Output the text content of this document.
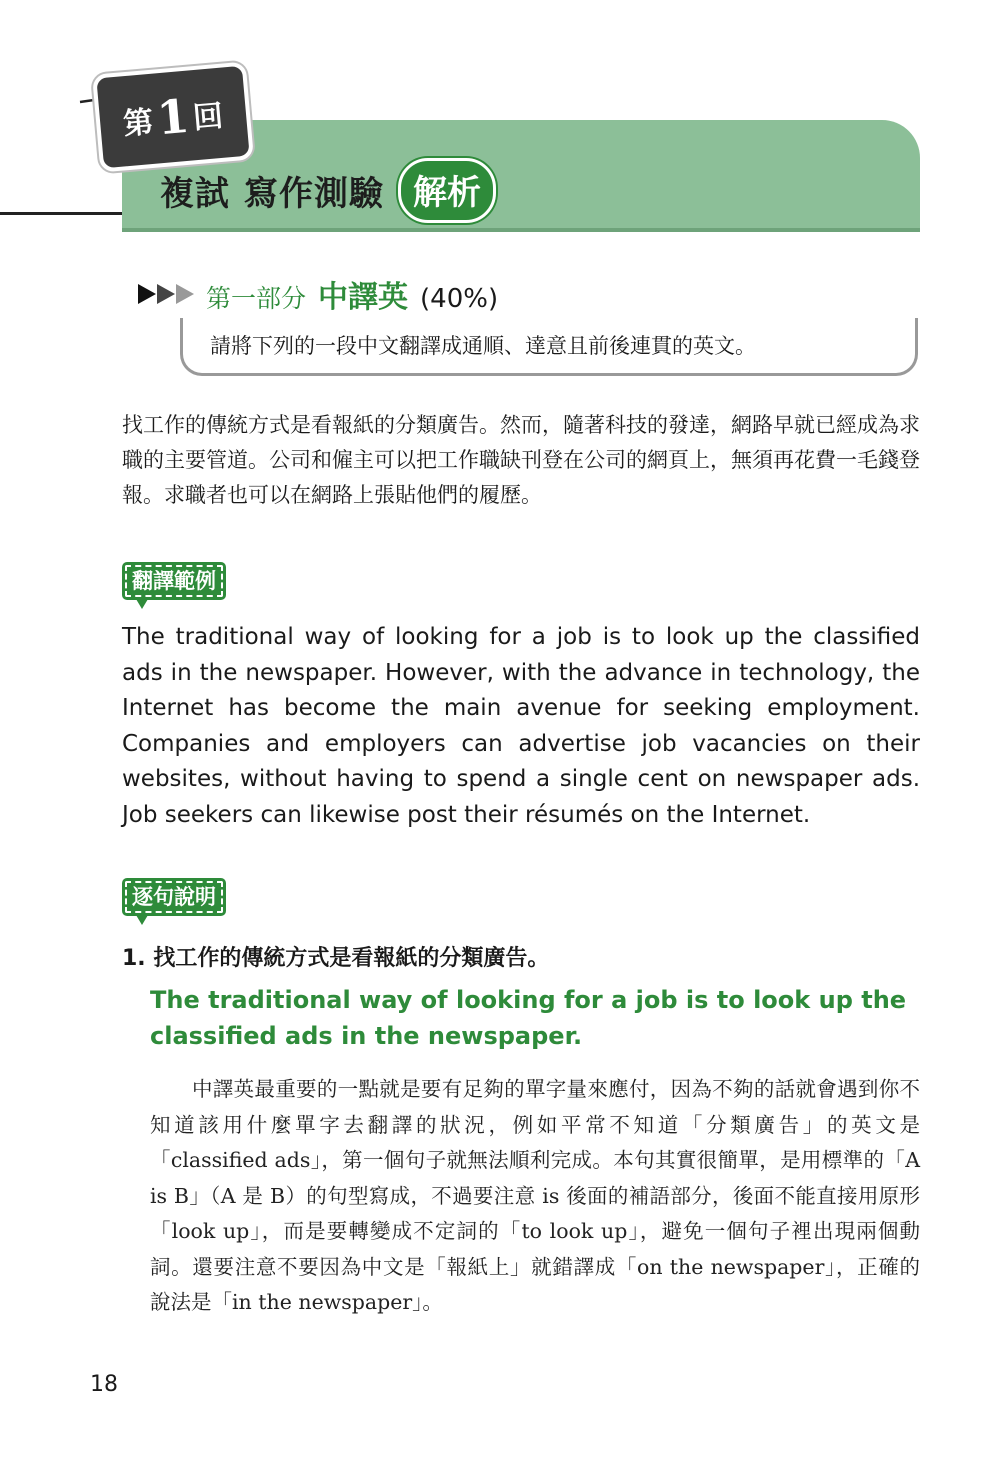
第 1 回
複試 寫作測驗 解析
第一部分 中譯英 (40%)
請將下列的一段中文翻譯成通順、達意且前後連貫的英文。
找工作的傳統方式是看報紙的分類廣告。然而，隨著科技的發達，網路早就已經成為求職的主要管道。公司和僱主可以把工作職缺刊登在公司的網頁上，無須再花費一毛錢登報。求職者也可以在網路上張貼他們的履歷。
翻譯範例
The traditional way of looking for a job is to look up the classified ads in the newspaper. However, with the advance in technology, the Internet has become the main avenue for seeking employment. Companies and employers can advertise job vacancies on their websites, without having to spend a single cent on newspaper ads. Job seekers can likewise post their résumés on the Internet.
逐句說明
1. 找工作的傳統方式是看報紙的分類廣告。
The traditional way of looking for a job is to look up the classified ads in the newspaper.
中譯英最重要的一點就是要有足夠的單字量來應付，因為不夠的話就會遇到你不知道該用什麼單字去翻譯的狀況，例如平常不知道「分類廣告」的英文是「classified ads」，第一個句子就無法順利完成。本句其實很簡單，是用標準的「A is B」（A 是 B）的句型寫成，不過要注意 is 後面的補語部分，後面不能直接用原形「look up」，而是要轉變成不定詞的「to look up」，避免一個句子裡出現兩個動詞。還要注意不要因為中文是「報紙上」就錯譯成「on the newspaper」，正確的說法是「in the newspaper」。
18
